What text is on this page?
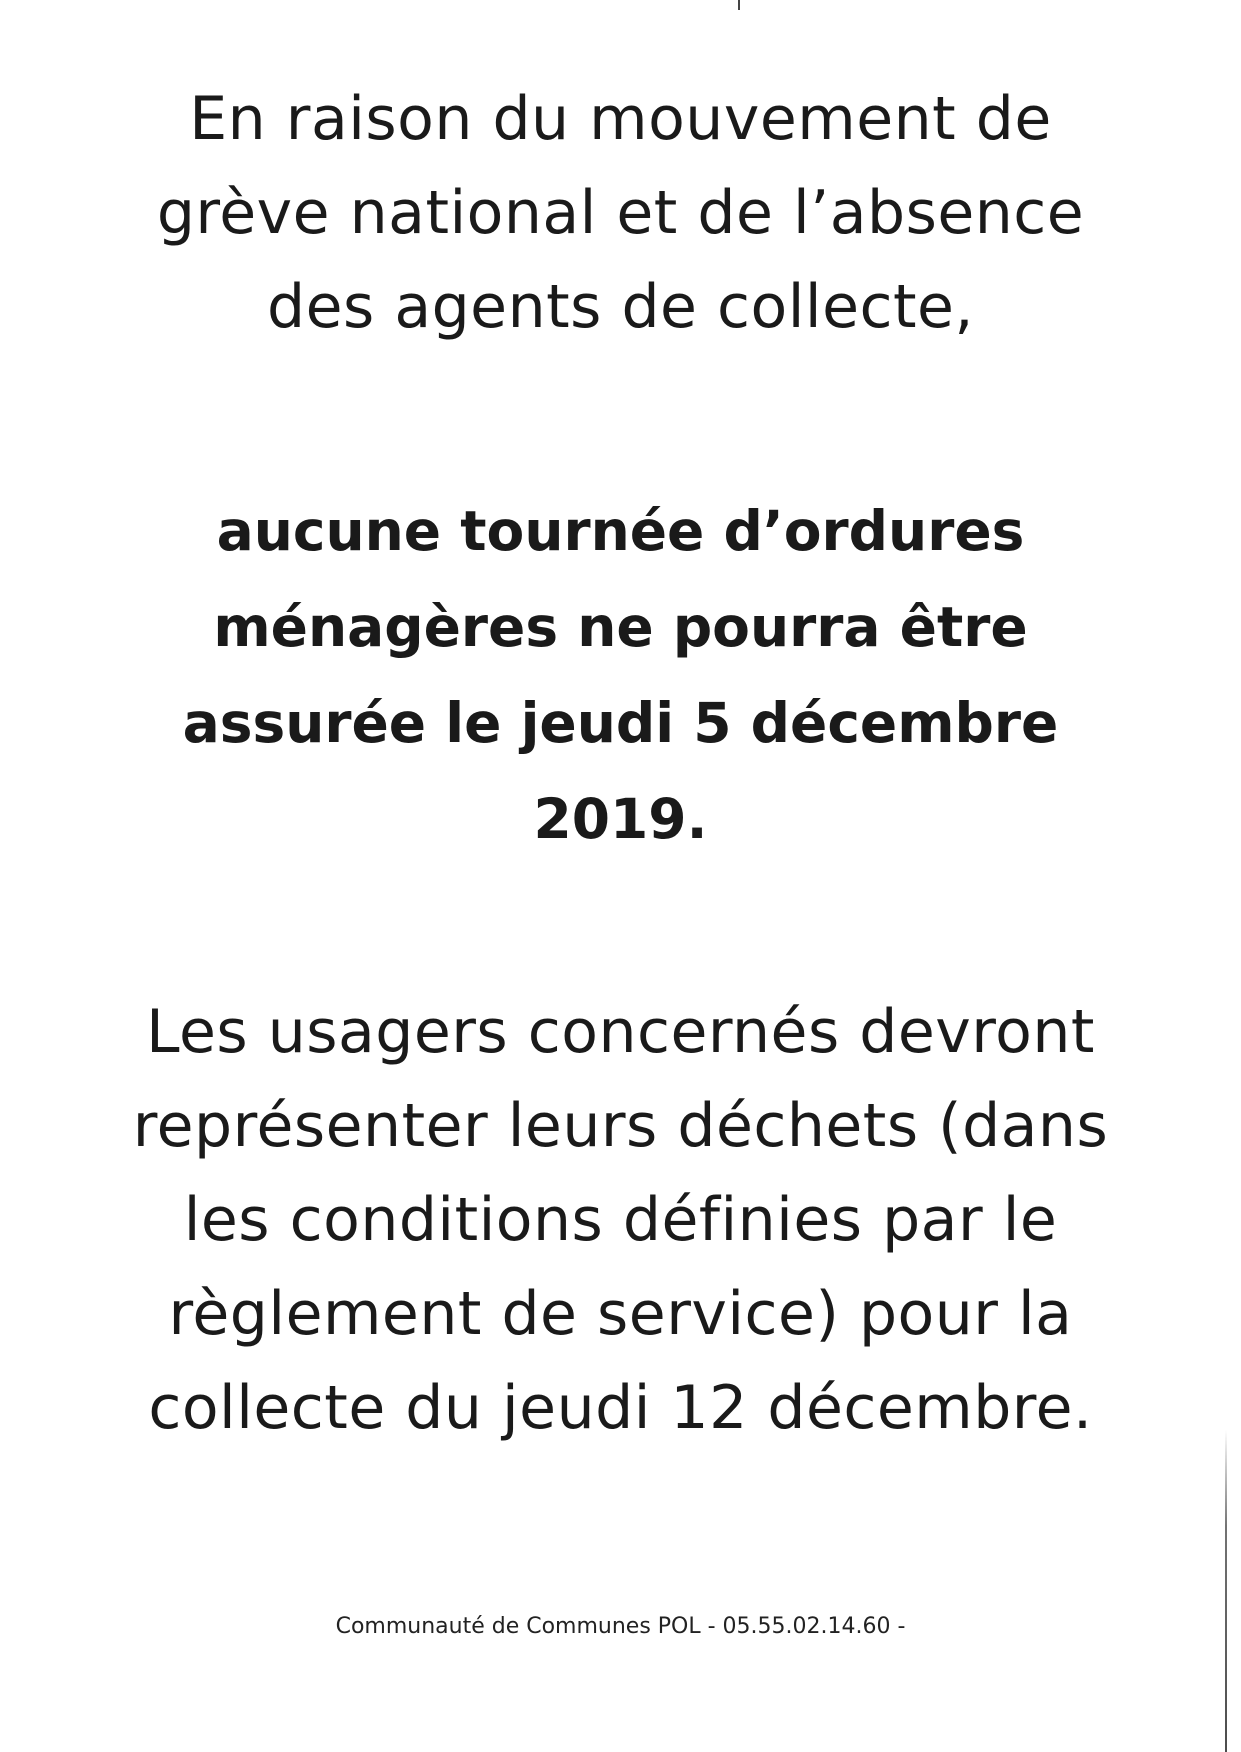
En raison du mouvement de
grève national et de l’absence
des agents de collecte,
aucune tournée d’ordures
ménagères ne pourra être
assurée le jeudi 5 décembre
2019.
Les usagers concernés devront
représenter leurs déchets (dans
les conditions définies par le
règlement de service) pour la
collecte du jeudi 12 décembre.
Communauté de Communes POL - 05.55.02.14.60 -
